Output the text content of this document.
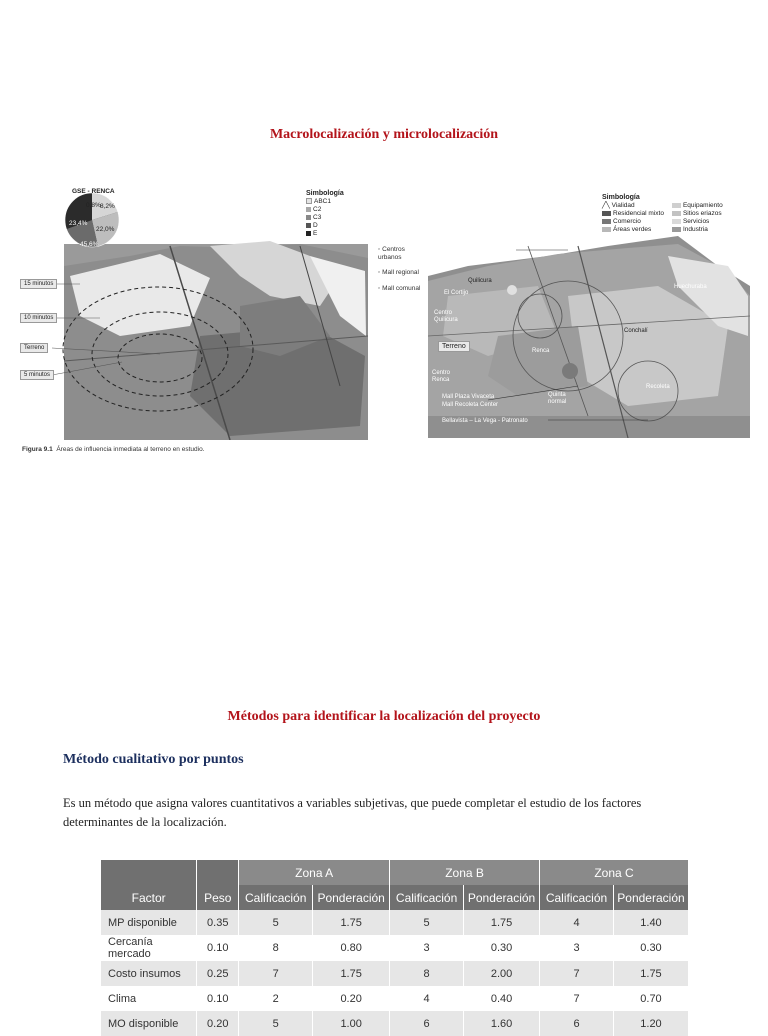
Macrolocalización y microlocalización
GSE - RENCA
0,8% 8,2%
22,0%
45,6%
23,4%
Simbología
ABC1
C2
C3
D
E
15 minutos
10 minutos
Terreno
5 minutos
◦ Centros urbanos
◦ Mall regional
◦ Mall comunal
Figura 9.1 Áreas de influencia inmediata al terreno en estudio.
Simbología
╱╲ Vialidad
Residencial mixto
Comercio
Áreas verdes
Equipamiento
Sitios eriazos
Servicios
Industria
Mall Plaza Norte
Quilicura
El Cortijo
Centro Quilicura
Huechuraba
Terreno
Renca
Conchalí
Centro Renca
Recoleta
Mall Plaza Vivaceta
Mall Recoleta Center
Quinta normal
Bellavista – La Vega - Patronato
Métodos para identificar la localización del proyecto
Método cualitativo por puntos
Es un método que asigna valores cuantitativos a variables subjetivas, que puede completar el estudio de los factores determinantes de la localización.
Factor	Peso	Zona A		Zona B		Zona C	
		Calificación	Ponderación	Calificación	Ponderación	Calificación	Ponderación
MP disponible	0.35	5	1.75	5	1.75	4	1.40
Cercanía mercado	0.10	8	0.80	3	0.30	3	0.30
Costo insumos	0.25	7	1.75	8	2.00	7	1.75
Clima	0.10	2	0.20	4	0.40	7	0.70
MO disponible	0.20	5	1.00	6	1.60	6	1.20
